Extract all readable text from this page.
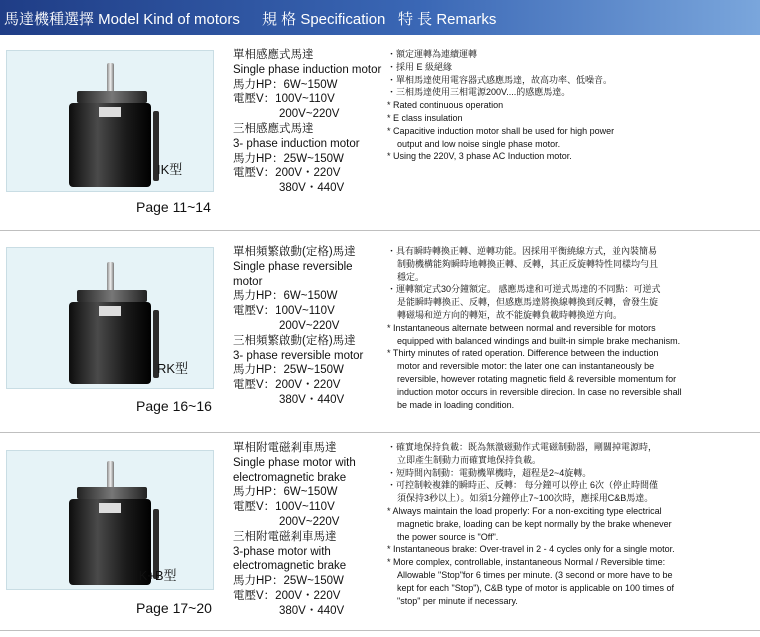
馬達機種選擇 Model Kind of motors 規 格 Specification 特 長 Remarks
IK型
Page 11~14
單相感應式馬達
Single phase induction motor
馬力HP：6W~150W
電壓V：100V~110V
200V~220V
三相感應式馬達
3- phase induction motor
馬力HP：25W~150W
電壓V：200V・220V
380V・440V
・額定運轉為連續運轉
・採用 E 級絕緣
・單相馬達使用電容器式感應馬達，故高功率、低噪音。
・三相馬達使用三相電源200V....的感應馬達。
* Rated continuous operation
* E class insulation
* Capacitive induction motor shall be used for high power
output and low noise single phase motor.
* Using the 220V, 3 phase AC Induction motor.
RK型
Page 16~16
單相頻繁啟動(定格)馬達
Single phase reversible
motor
馬力HP：6W~150W
電壓V：100V~110V
200V~220V
三相頻繁啟動(定格)馬達
3- phase reversible motor
馬力HP：25W~150W
電壓V：200V・220V
380V・440V
・具有瞬時轉換正轉、逆轉功能。因採用平衡繞線方式，並內裝簡易
制動機構能夠瞬時地轉換正轉、反轉，其正反旋轉特性同樣均勻且
穩定。
・運轉額定式30分鐘額定。 感應馬達和可逆式馬達的不同點：可逆式
是能瞬時轉換正、反轉，但感應馬達將換線轉換到反轉，會發生旋
轉磁場和逆方向的轉矩，故不能旋轉負載時轉換逆方向。
* Instantaneous alternate between normal and reversible for motors
equipped with balanced windings and built-in simple brake mechanism.
* Thirty minutes of rated operation. Difference between the induction
motor and reversible motor: the later one can instantaneously be
reversible, however rotating magnetic field & reversible momentum for
induction motor occurs in reversible direcion. In case no reversible shall
be made in loading condition.
IK+B型
Page 17~20
單相附電磁剎車馬達
Single phase motor with
electromagnetic brake
馬力HP：6W~150W
電壓V：100V~110V
200V~220V
三相附電磁剎車馬達
3-phase motor with
electromagnetic brake
馬力HP：25W~150W
電壓V：200V・220V
380V・440V
・確實地保持負載：既為無激磁動作式電磁制動器，剛關掉電源時，
立即產生制動力而確實地保持負載。
・短時間內制動：電動機單機時，超程是2~4旋轉。
・可控制較複雜的瞬時正、反轉： 每分鐘可以停止 6次（停止時間僅
須保持3秒以上）。如須1分鐘停止7~100次時，應採用C&B馬達。
* Always maintain the load properly: For a non-exciting type electrical
magnetic brake, loading can be kept normally by the brake whenever
the power source is "Off".
* Instantaneous brake: Over-travel in 2 - 4 cycles only for a single motor.
* More complex, controllable, instantaneous Normal / Reversible time:
Allowable "Stop"for 6 times per minute. (3 second or more have to be
kept for each "Stop"), C&B type of motor is applicable on 100 times of
"stop" per minute if necessary.
